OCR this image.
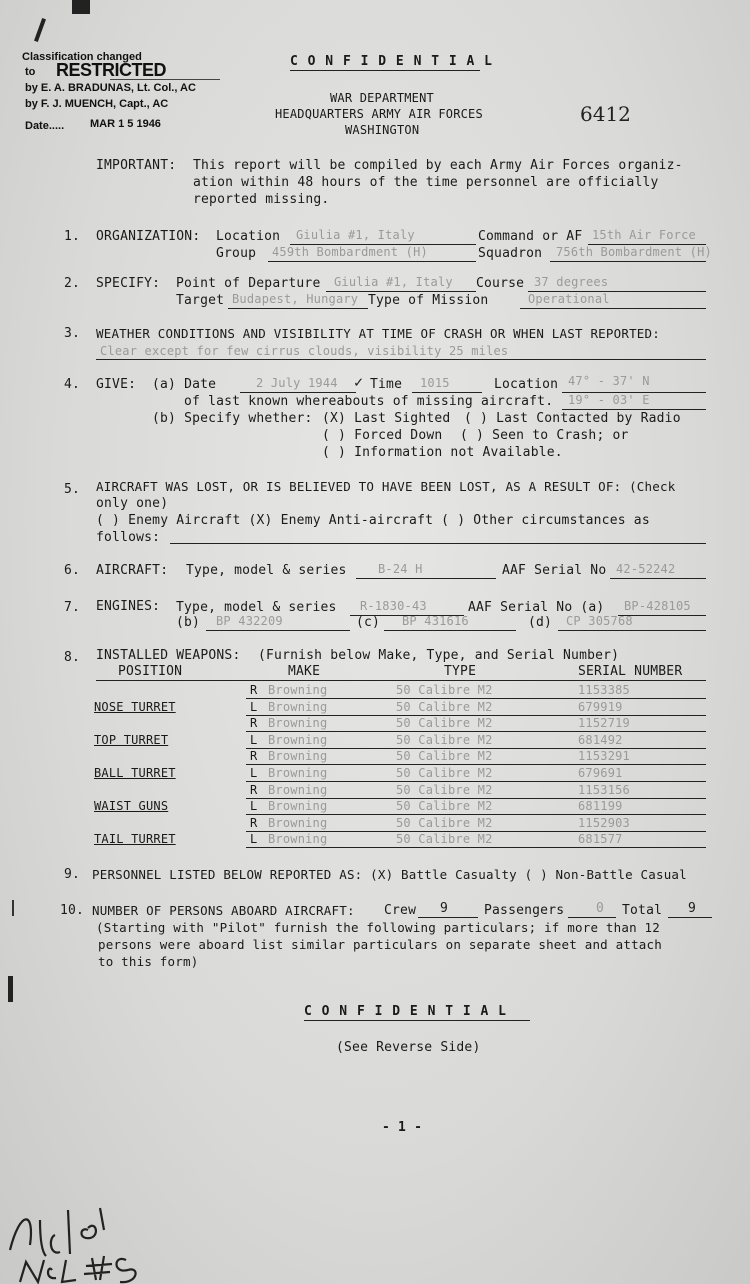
Classification changed
to RESTRICTED
by E. A. BRADUNAS, Lt. Col., AC
by F. J. MUENCH, Capt., AC
Date..... MAR 1 5 1946
C O N F I D E N T I A L
WAR DEPARTMENT
HEADQUARTERS ARMY AIR FORCES
WASHINGTON
6412
IMPORTANT: This report will be compiled by each Army Air Forces organiz-
ation within 48 hours of the time personnel are officially
reported missing.
1. ORGANIZATION: Location Giulia #1, Italy	Command or AF 15th Air Force
Group 459th Bombardment (H)	Squadron 756th Bombardment (H)
2. SPECIFY: Point of Departure Giulia #1, Italy Course 37 degrees
Target Budapest, Hungary Type of Mission	Operational
3. WEATHER CONDITIONS AND VISIBILITY AT TIME OF CRASH OR WHEN LAST REPORTED:
Clear except for few cirrus clouds, visibility 25 miles
4. GIVE: (a) Date	2 July 1944 ✓ Time 1015	Location 47° - 37' N
of last known whereabouts of missing aircraft. 19° - 03' E
(b) Specify whether: (X) Last Sighted ( ) Last Contacted by Radio
( ) Forced Down ( ) Seen to Crash; or
( ) Information not Available.
5. AIRCRAFT WAS LOST, OR IS BELIEVED TO HAVE BEEN LOST, AS A RESULT OF: (Check
only one)
( ) Enemy Aircraft (X) Enemy Anti-aircraft ( ) Other circumstances as
follows:
6. AIRCRAFT: Type, model & series	B-24 H	AAF Serial No 42-52242
7. ENGINES: Type, model & series R-1830-43	AAF Serial No (a) BP-428105
(b) BP 432209	(c) BP 431616	(d) CP 305768
8. INSTALLED WEAPONS: (Furnish below Make, Type, and Serial Number)
POSITION	MAKE	TYPE	SERIAL NUMBER
R Browning	50 Calibre M2	1153385
NOSE TURRET	L Browning	50 Calibre M2	679919
R Browning	50 Calibre M2	1152719
TOP TURRET	L Browning	50 Calibre M2	681492
R Browning	50 Calibre M2	1153291
BALL TURRET	L Browning	50 Calibre M2	679691
R Browning	50 Calibre M2	1153156
WAIST GUNS	L Browning	50 Calibre M2	681199
R Browning	50 Calibre M2	1152903
TAIL TURRET	L Browning	50 Calibre M2	681577
9. PERSONNEL LISTED BELOW REPORTED AS: (X) Battle Casualty ( ) Non-Battle Casual
10. NUMBER OF PERSONS ABOARD AIRCRAFT: Crew 9	Passengers 0 Total 9
(Starting with "Pilot" furnish the following particulars; if more than 12
persons were aboard list similar particulars on separate sheet and attach
to this form)
C O N F I D E N T I A L
(See Reverse Side)
- 1 -
